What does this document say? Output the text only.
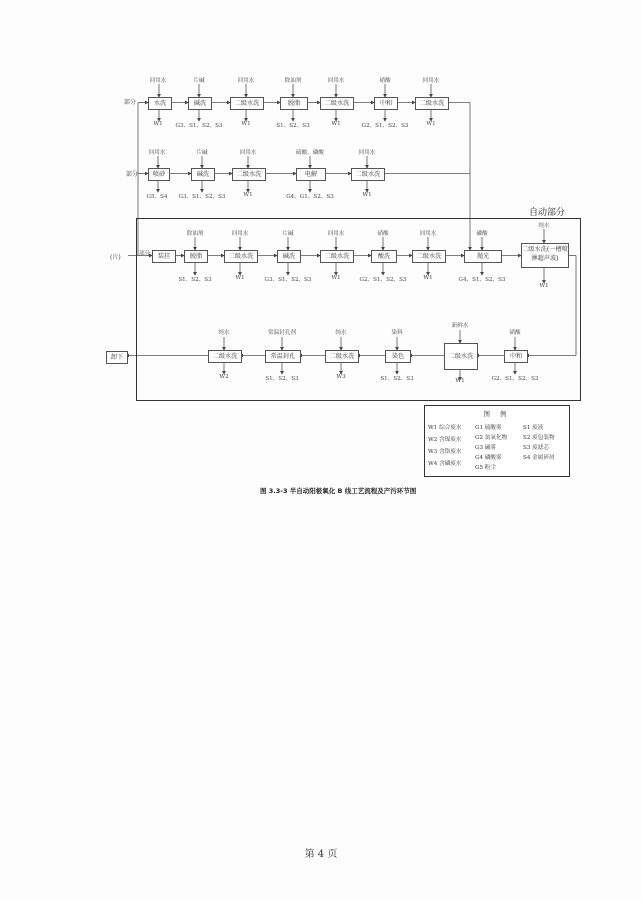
部分
回用水
水洗
W1
片碱
碱洗
G3、S1、S2、S3
回用水
二级水洗
W1
除油剂
脱脂
S1、S2、S3
回用水
二级水洗
W1
硝酸
中和
G2、S1、S2、S3
回用水
二级水洗
W1
部分
回用水
喷砂
G5、S4
片碱
碱洗
G3、S1、S2、S3
回用水
二级水洗
W1
硫酸、磷酸
电解
G4、G1、S2、S3
回用水
二级水洗
W1
自动部分
(片)	部分	装挂
除油剂
脱脂
S1、S2、S3
回用水
二级水洗
W1
片碱
碱洗
G3、S1、S2、S3
回用水
二级水洗
W1
硝酸
酸洗
G2、S1、S2、S3
回用水
二级水洗
W1
磷酸
抛光
G4、S1、S2、S3
纯水
二级水洗(一槽喷淋超声波)
W1
卸下
纯水
二级水洗
W2
常温封孔剂
常温封孔
S1、S2、S3
纯水
二级水洗
W3
染料
染色
S1、S2、S3
新鲜水
二级水洗
W1
硝酸
中和
G2、S1、S2、S3
图 例
W1 综合废水
W2 含镍废水
W3 含铬废水
W4 含磷废水
G1 硫酸雾
G2 氮氧化物
G3 碱雾
G4 磷酸雾
G5 粉尘
S1 废液
S2 废包装物
S3 废滤芯
S4 金属碎屑
图 3.3-3 半自动阳极氧化 B 线工艺流程及产污环节图
第 4 页
